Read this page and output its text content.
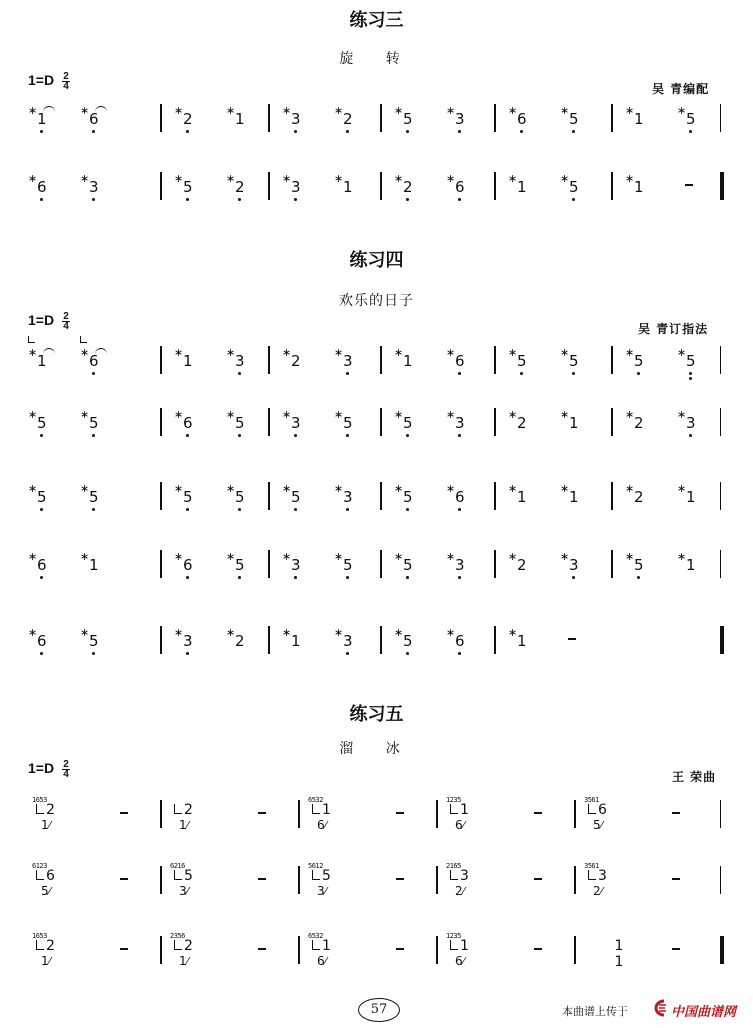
练习三
旋 转
$1=D \frac{2}{4}$	吴 青编配
∗ 1	∗ 6	∗ 2	∗ 1	∗ 3	∗ 2	∗ 5	∗ 3	∗ 6	∗ 5	∗ 1	∗ 5
∗ 6	∗ 3	∗ 5	∗ 2	∗ 3	∗ 1	∗ 2	∗ 6	∗ 1	∗ 5	∗ 1
练习四
欢乐的日子
$1=D \frac{2}{4}$	吴 青订指法
∗ 1	∗ 6	∗ 1	∗ 3	∗ 2	∗ 3	∗ 1	∗ 6	∗ 5	∗ 5	∗ 5	∗ 5
∗ 5	∗ 5	∗ 6	∗ 5	∗ 3	∗ 5	∗ 5	∗ 3	∗ 2	∗ 1	∗ 2	∗ 3
∗ 5	∗ 5	∗ 5	∗ 5	∗ 5	∗ 3	∗ 5	∗ 6	∗ 1	∗ 1	∗ 2	∗ 1
∗ 6	∗ 1	∗ 6	∗ 5	∗ 3	∗ 5	∗ 5	∗ 3	∗ 2	∗ 3	∗ 5	∗ 1
∗ 6	∗ 5	∗ 3	∗ 2	∗ 1	∗ 3	∗ 5	∗ 6	∗ 1
练习五
溜 冰
$1=D \frac{2}{4}$	王 荣曲
1653
2
1⁄
2
1⁄
6532
1
6⁄
1235
1
6⁄
3561
6
5⁄
6123
6
5⁄
6216
5
3⁄
5612
5
3⁄
2165
3
2⁄
3561
3
2⁄
1653
2
1⁄
2356
2
1⁄
6532
1
6⁄
1235
1
6⁄
1
1
57	本曲谱上传于	中国曲谱网
